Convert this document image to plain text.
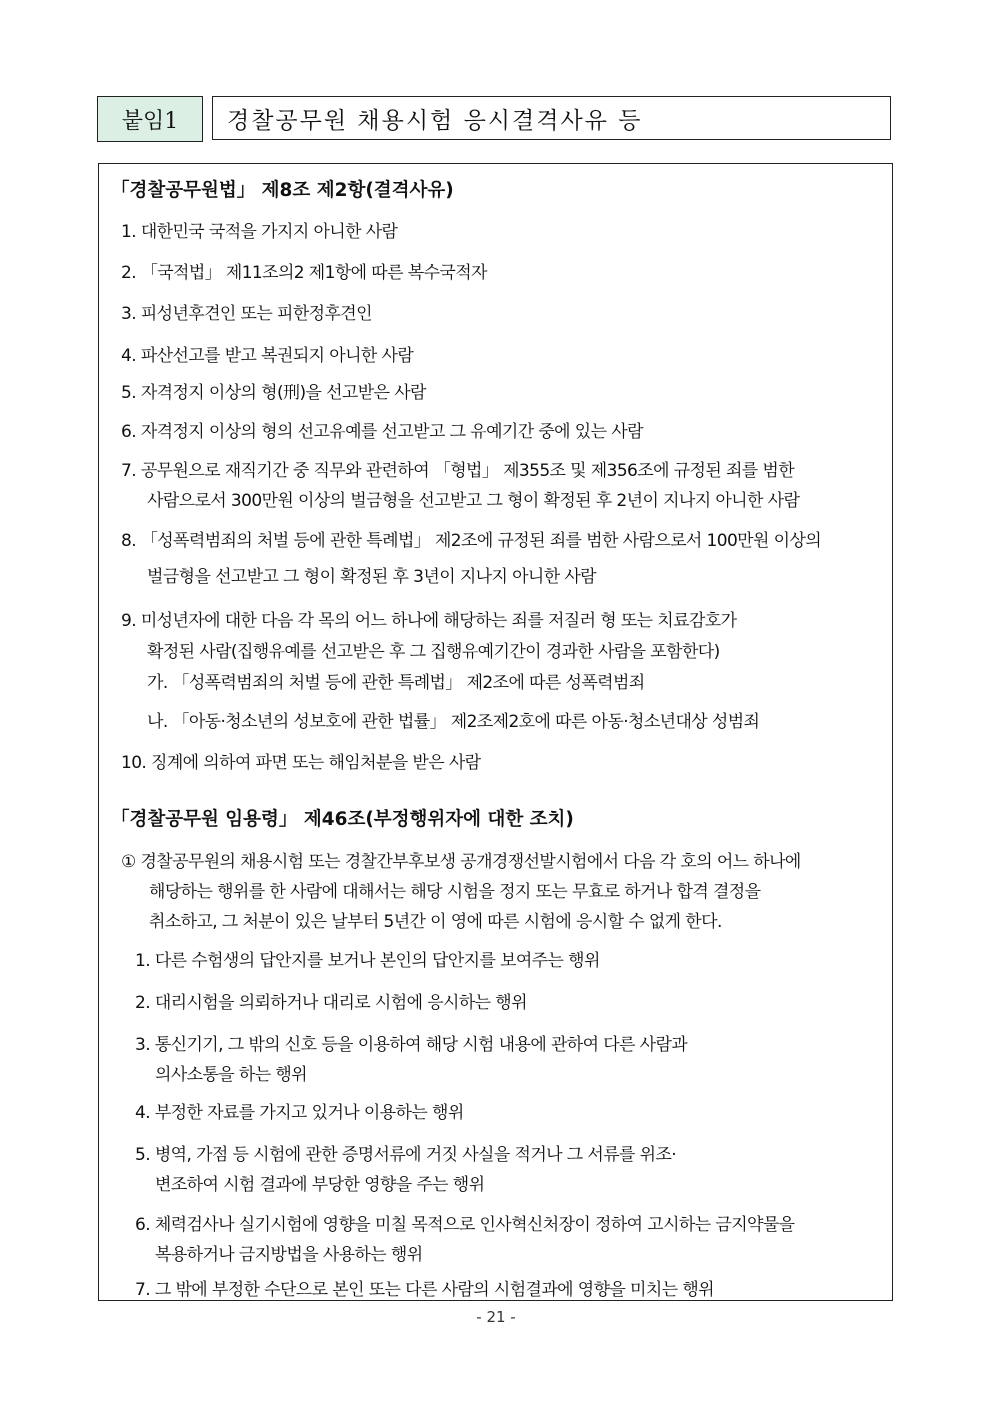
붙임1	경찰공무원 채용시험 응시결격사유 등
「경찰공무원법」 제8조 제2항(결격사유)
1. 대한민국 국적을 가지지 아니한 사람
2. 「국적법」 제11조의2 제1항에 따른 복수국적자
3. 피성년후견인 또는 피한정후견인
4. 파산선고를 받고 복권되지 아니한 사람
5. 자격정지 이상의 형(刑)을 선고받은 사람
6. 자격정지 이상의 형의 선고유예를 선고받고 그 유예기간 중에 있는 사람
7. 공무원으로 재직기간 중 직무와 관련하여 「형법」 제355조 및 제356조에 규정된 죄를 범한
사람으로서 300만원 이상의 벌금형을 선고받고 그 형이 확정된 후 2년이 지나지 아니한 사람
8. 「성폭력범죄의 처벌 등에 관한 특례법」 제2조에 규정된 죄를 범한 사람으로서 100만원 이상의
벌금형을 선고받고 그 형이 확정된 후 3년이 지나지 아니한 사람
9. 미성년자에 대한 다음 각 목의 어느 하나에 해당하는 죄를 저질러 형 또는 치료감호가
확정된 사람(집행유예를 선고받은 후 그 집행유예기간이 경과한 사람을 포함한다)
가. 「성폭력범죄의 처벌 등에 관한 특례법」 제2조에 따른 성폭력범죄
나. 「아동·청소년의 성보호에 관한 법률」 제2조제2호에 따른 아동·청소년대상 성범죄
10. 징계에 의하여 파면 또는 해임처분을 받은 사람
「경찰공무원 임용령」 제46조(부정행위자에 대한 조치)
① 경찰공무원의 채용시험 또는 경찰간부후보생 공개경쟁선발시험에서 다음 각 호의 어느 하나에
해당하는 행위를 한 사람에 대해서는 해당 시험을 정지 또는 무효로 하거나 합격 결정을
취소하고, 그 처분이 있은 날부터 5년간 이 영에 따른 시험에 응시할 수 없게 한다.
1. 다른 수험생의 답안지를 보거나 본인의 답안지를 보여주는 행위
2. 대리시험을 의뢰하거나 대리로 시험에 응시하는 행위
3. 통신기기, 그 밖의 신호 등을 이용하여 해당 시험 내용에 관하여 다른 사람과
의사소통을 하는 행위
4. 부정한 자료를 가지고 있거나 이용하는 행위
5. 병역, 가점 등 시험에 관한 증명서류에 거짓 사실을 적거나 그 서류를 위조·
변조하여 시험 결과에 부당한 영향을 주는 행위
6. 체력검사나 실기시험에 영향을 미칠 목적으로 인사혁신처장이 정하여 고시하는 금지약물을
복용하거나 금지방법을 사용하는 행위
7. 그 밖에 부정한 수단으로 본인 또는 다른 사람의 시험결과에 영향을 미치는 행위
- 21 -
